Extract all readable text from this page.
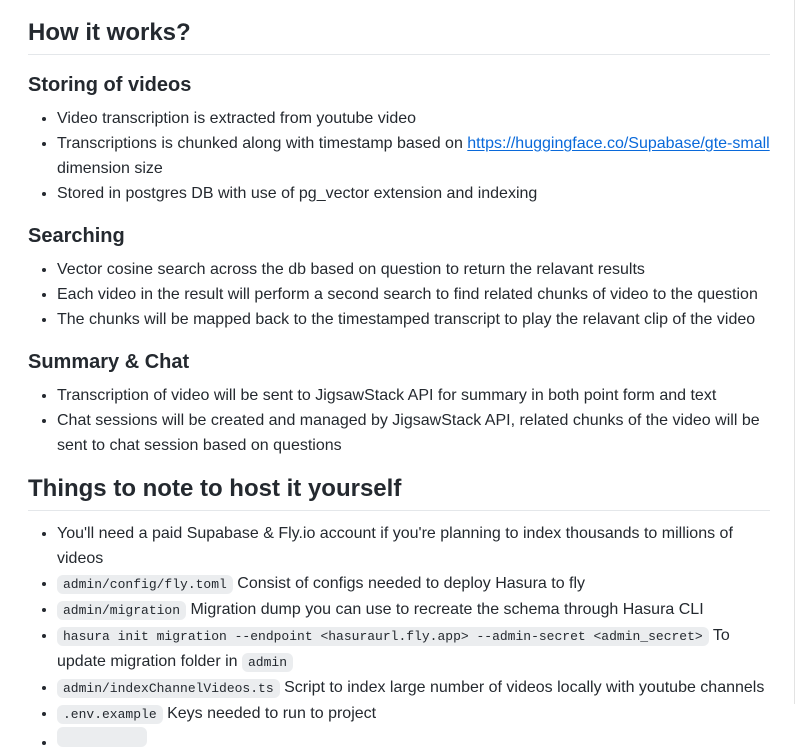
How it works?
Storing of videos
• Video transcription is extracted from youtube video
• Transcriptions is chunked along with timestamp based on https://huggingface.co/Supabase/gte-small dimension size
• Stored in postgres DB with use of pg_vector extension and indexing
Searching
• Vector cosine search across the db based on question to return the relavant results
• Each video in the result will perform a second search to find related chunks of video to the question
• The chunks will be mapped back to the timestamped transcript to play the relavant clip of the video
Summary & Chat
• Transcription of video will be sent to JigsawStack API for summary in both point form and text
• Chat sessions will be created and managed by JigsawStack API, related chunks of the video will be sent to chat session based on questions
Things to note to host it yourself
• You'll need a paid Supabase & Fly.io account if you're planning to index thousands to millions of videos
• admin/config/fly.toml Consist of configs needed to deploy Hasura to fly
• admin/migration Migration dump you can use to recreate the schema through Hasura CLI
• hasura init migration --endpoint <hasuraurl.fly.app> --admin-secret <admin_secret> To update migration folder in admin
• admin/indexChannelVideos.ts Script to index large number of videos locally with youtube channels
• .env.example Keys needed to run to project
•
